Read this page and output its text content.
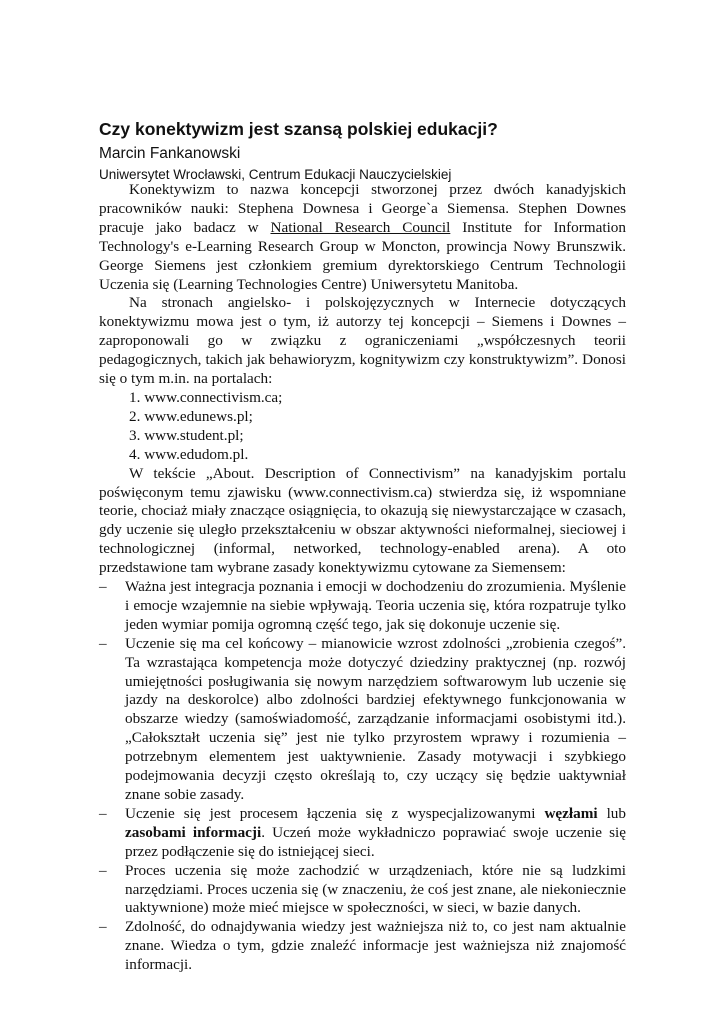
Czy konektywizm jest szansą polskiej edukacji?
Marcin Fankanowski
Uniwersytet Wrocławski, Centrum Edukacji Nauczycielskiej

Konektywizm to nazwa koncepcji stworzonej przez dwóch kanadyjskich pracowników nauki: Stephena Downesa i George`a Siemensa. Stephen Downes pracuje jako badacz w National Research Council Institute for Information Technology's e-Learning Research Group w Moncton, prowincja Nowy Brunszwik. George Siemens jest członkiem gremium dyrektorskiego Centrum Technologii Uczenia się (Learning Technologies Centre) Uniwersytetu Manitoba.

Na stronach angielsko- i polskojęzycznych w Internecie dotyczących konektywizmu mowa jest o tym, iż autorzy tej koncepcji – Siemens i Downes – zaproponowali go w związku z ograniczeniami „współczesnych teorii pedagogicznych, takich jak behawioryzm, kognitywizm czy konstruktywizm”. Donosi się o tym m.in. na portalach:

1. www.connectivism.ca;
2. www.edunews.pl;
3. www.student.pl;
4. www.edudom.pl.

W tekście „About. Description of Connectivism” na kanadyjskim portalu poświęconym temu zjawisku (www.connectivism.ca) stwierdza się, iż wspomniane teorie, chociaż miały znaczące osiągnięcia, to okazują się niewystarczające w czasach, gdy uczenie się uległo przekształceniu w obszar aktywności nieformalnej, sieciowej i technologicznej (informal, networked, technology-enabled arena). A oto przedstawione tam wybrane zasady konektywizmu cytowane za Siemensem:

– Ważna jest integracja poznania i emocji w dochodzeniu do zrozumienia. Myślenie i emocje wzajemnie na siebie wpływają. Teoria uczenia się, która rozpatruje tylko jeden wymiar pomija ogromną część tego, jak się dokonuje uczenie się.
– Uczenie się ma cel końcowy – mianowicie wzrost zdolności „zrobienia czegoś”. Ta wzrastająca kompetencja może dotyczyć dziedziny praktycznej (np. rozwój umiejętności posługiwania się nowym narzędziem softwarowym lub uczenie się jazdy na deskorolce) albo zdolności bardziej efektywnego funkcjonowania w obszarze wiedzy (samoświadomość, zarządzanie informacjami osobistymi itd.). „Całokształt uczenia się” jest nie tylko przyrostem wprawy i rozumienia – potrzebnym elementem jest uaktywnienie. Zasady motywacji i szybkiego podejmowania decyzji często określają to, czy uczący się będzie uaktywniał znane sobie zasady.
– Uczenie się jest procesem łączenia się z wyspecjalizowanymi węzłami lub zasobami informacji. Uczeń może wykładniczo poprawiać swoje uczenie się przez podłączenie się do istniejącej sieci.
– Proces uczenia się może zachodzić w urządzeniach, które nie są ludzkimi narzędziami. Proces uczenia się (w znaczeniu, że coś jest znane, ale niekoniecznie uaktywnione) może mieć miejsce w społeczności, w sieci, w bazie danych.
– Zdolność, do odnajdywania wiedzy jest ważniejsza niż to, co jest nam aktualnie znane. Wiedza o tym, gdzie znaleźć informacje jest ważniejsza niż znajomość informacji.
